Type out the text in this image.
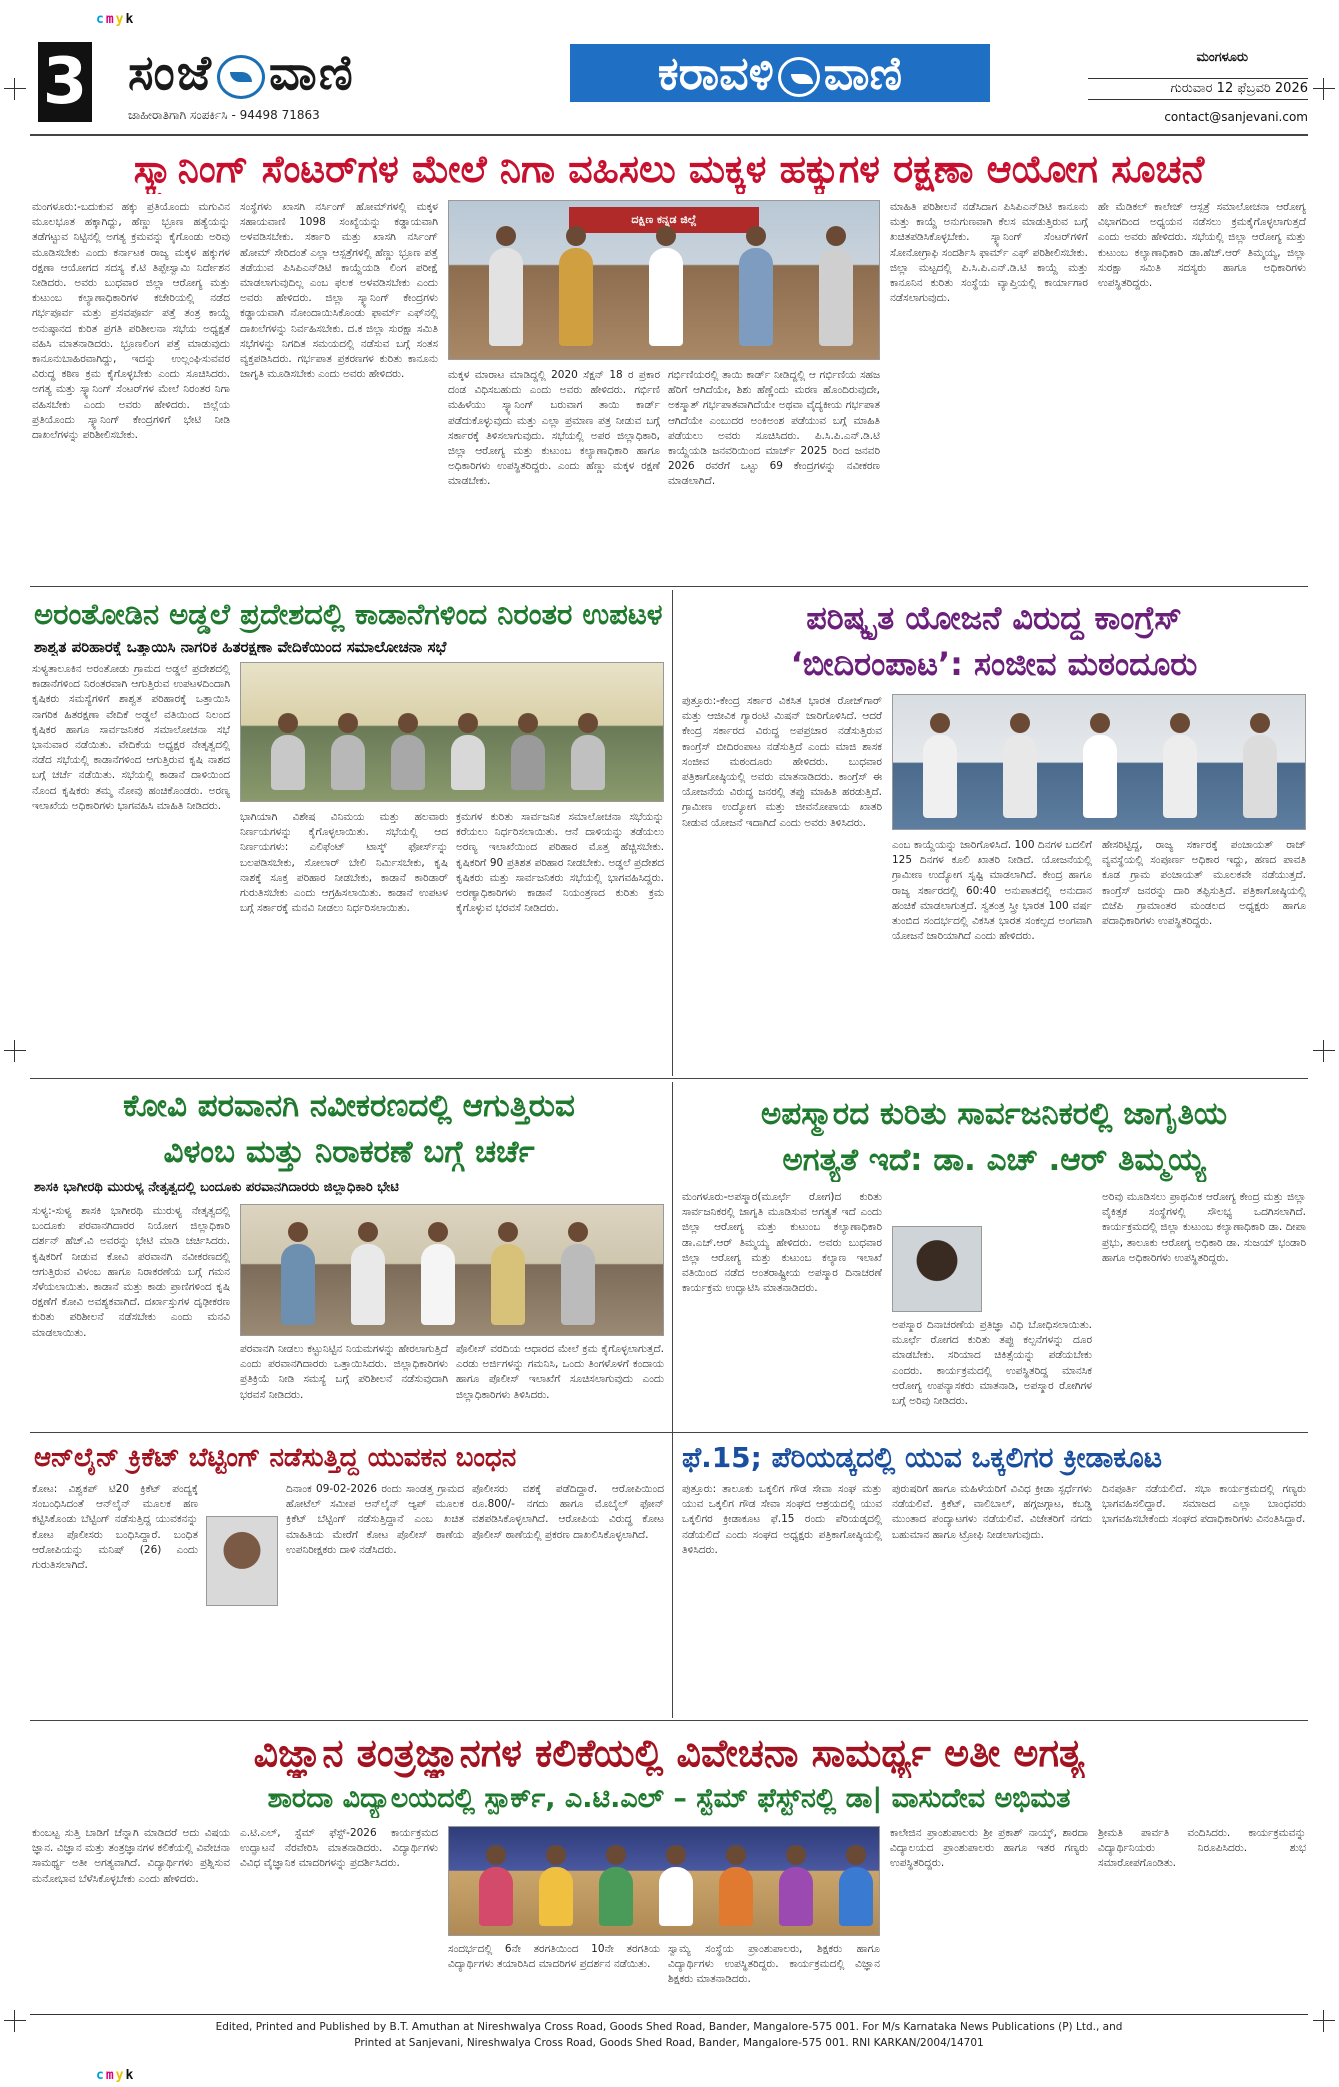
cmyk
cmyk
3 ಸಂಜೆ ವಾಣಿ
ಜಾಹೀರಾತಿಗಾಗಿ ಸಂಪರ್ಕಿಸಿ - 94498 71863
ಕರಾವಳಿ ವಾಣಿ	ಮಂಗಳೂರು
ಗುರುವಾರ 12 ಫೆಬ್ರವರಿ 2026
contact@sanjevani.com
ಸ್ಕ್ಯಾನಿಂಗ್ ಸೆಂಟರ್‌ಗಳ ಮೇಲೆ ನಿಗಾ ವಹಿಸಲು ಮಕ್ಕಳ ಹಕ್ಕುಗಳ ರಕ್ಷಣಾ ಆಯೋಗ ಸೂಚನೆ
ಮಂಗಳೂರು:-ಬದುಕುವ ಹಕ್ಕು ಪ್ರತಿಯೊಂದು ಮಗುವಿನ ಮೂಲಭೂತ ಹಕ್ಕಾಗಿದ್ದು, ಹೆಣ್ಣು ಭ್ರೂಣ ಹತ್ಯೆಯನ್ನು ತಡೆಗಟ್ಟುವ ನಿಟ್ಟಿನಲ್ಲಿ ಅಗತ್ಯ ಕ್ರಮವನ್ನು ಕೈಗೊಂಡು ಅರಿವು ಮೂಡಿಸಬೇಕು ಎಂದು ಕರ್ನಾಟಕ ರಾಜ್ಯ ಮಕ್ಕಳ ಹಕ್ಕುಗಳ ರಕ್ಷಣಾ ಆಯೋಗದ ಸದಸ್ಯ ಕೆ.ಟಿ ತಿಪ್ಪೇಸ್ವಾಮಿ ನಿರ್ದೇಶನ ನೀಡಿದರು. ಅವರು ಬುಧವಾರ ಜಿಲ್ಲಾ ಆರೋಗ್ಯ ಮತ್ತು ಕುಟುಂಬ ಕಲ್ಯಾಣಾಧಿಕಾರಿಗಳ ಕಚೇರಿಯಲ್ಲಿ ನಡೆದ ಗರ್ಭಪೂರ್ವ ಮತ್ತು ಪ್ರಸವಪೂರ್ವ ಪತ್ತೆ ತಂತ್ರ ಕಾಯ್ದೆ ಅನುಷ್ಠಾನದ ಕುರಿತ ಪ್ರಗತಿ ಪರಿಶೀಲನಾ ಸಭೆಯ ಅಧ್ಯಕ್ಷತೆ ವಹಿಸಿ ಮಾತನಾಡಿದರು. ಭ್ರೂಣಲಿಂಗ ಪತ್ತೆ ಮಾಡುವುದು ಕಾನೂನುಬಾಹಿರವಾಗಿದ್ದು, ಇದನ್ನು ಉಲ್ಲಂಘಿಸುವವರ ವಿರುದ್ಧ ಕಠಿಣ ಕ್ರಮ ಕೈಗೊಳ್ಳಬೇಕು ಎಂದು ಸೂಚಿಸಿದರು. ಅಗತ್ಯ ಮತ್ತು ಸ್ಕ್ಯಾನಿಂಗ್ ಸೆಂಟರ್‌ಗಳ ಮೇಲೆ ನಿರಂತರ ನಿಗಾ ವಹಿಸಬೇಕು ಎಂದು ಅವರು ಹೇಳಿದರು. ಜಿಲ್ಲೆಯ ಪ್ರತಿಯೊಂದು ಸ್ಕ್ಯಾನಿಂಗ್ ಕೇಂದ್ರಗಳಿಗೆ ಭೇಟಿ ನೀಡಿ ದಾಖಲೆಗಳನ್ನು ಪರಿಶೀಲಿಸಬೇಕು.
ಸಂಸ್ಥೆಗಳು ಖಾಸಗಿ ನರ್ಸಿಂಗ್ ಹೋಮ್‌ಗಳಲ್ಲಿ ಮಕ್ಕಳ ಸಹಾಯವಾಣಿ 1098 ಸಂಖ್ಯೆಯನ್ನು ಕಡ್ಡಾಯವಾಗಿ ಅಳವಡಿಸಬೇಕು. ಸರ್ಕಾರಿ ಮತ್ತು ಖಾಸಗಿ ನರ್ಸಿಂಗ್ ಹೋಮ್ ಸೇರಿದಂತೆ ಎಲ್ಲಾ ಆಸ್ಪತ್ರೆಗಳಲ್ಲಿ ಹೆಣ್ಣು ಭ್ರೂಣ ಪತ್ತೆ ತಡೆಯುವ ಪಿಸಿಪಿಎನ್‌ಡಿಟಿ ಕಾಯ್ದೆಯಡಿ ಲಿಂಗ ಪರೀಕ್ಷೆ ಮಾಡಲಾಗುವುದಿಲ್ಲ ಎಂಬ ಫಲಕ ಅಳವಡಿಸಬೇಕು ಎಂದು ಅವರು ಹೇಳಿದರು. ಜಿಲ್ಲಾ ಸ್ಕ್ಯಾನಿಂಗ್ ಕೇಂದ್ರಗಳು ಕಡ್ಡಾಯವಾಗಿ ನೋಂದಾಯಿಸಿಕೊಂಡು ಫಾರ್ಮ್ ಎಫ್‌ನಲ್ಲಿ ದಾಖಲೆಗಳನ್ನು ನಿರ್ವಹಿಸಬೇಕು. ದ.ಕ ಜಿಲ್ಲಾ ಸುರಕ್ಷಾ ಸಮಿತಿ ಸಭೆಗಳನ್ನು ನಿಗದಿತ ಸಮಯದಲ್ಲಿ ನಡೆಸುವ ಬಗ್ಗೆ ಸಂತಸ ವ್ಯಕ್ತಪಡಿಸಿದರು. ಗರ್ಭಪಾತ ಪ್ರಕರಣಗಳ ಕುರಿತು ಕಾನೂನು ಜಾಗೃತಿ ಮೂಡಿಸಬೇಕು ಎಂದು ಅವರು ಹೇಳಿದರು.
ದಕ್ಷಿಣ ಕನ್ನಡ ಜಿಲ್ಲೆ
ಮಕ್ಕಳ ಮಾರಾಟ ಮಾಡಿದ್ದಲ್ಲಿ 2020 ಸೆಕ್ಷನ್ 18 ರ ಪ್ರಕಾರ ದಂಡ ವಿಧಿಸಬಹುದು ಎಂದು ಅವರು ಹೇಳಿದರು. ಗರ್ಭಿಣಿ ಮಹಿಳೆಯು ಸ್ಕ್ಯಾನಿಂಗ್ ಬರುವಾಗ ತಾಯಿ ಕಾರ್ಡ್ ಪಡೆದುಕೊಳ್ಳುವುದು ಮತ್ತು ಎಲ್ಲಾ ಪ್ರಮಾಣ ಪತ್ರ ನೀಡುವ ಬಗ್ಗೆ ಸರ್ಕಾರಕ್ಕೆ ತಿಳಿಸಲಾಗುವುದು. ಸಭೆಯಲ್ಲಿ ಅಪರ ಜಿಲ್ಲಾಧಿಕಾರಿ, ಜಿಲ್ಲಾ ಆರೋಗ್ಯ ಮತ್ತು ಕುಟುಂಬ ಕಲ್ಯಾಣಾಧಿಕಾರಿ ಹಾಗೂ ಅಧಿಕಾರಿಗಳು ಉಪಸ್ಥಿತರಿದ್ದರು. ಎಂದು ಹೆಣ್ಣು ಮಕ್ಕಳ ರಕ್ಷಣೆ ಮಾಡಬೇಕು.
ಗರ್ಭಿಣಿಯರಲ್ಲಿ ತಾಯಿ ಕಾರ್ಡ್ ನೀಡಿದ್ದಲ್ಲಿ ಆ ಗರ್ಭಿಣಿಯ ಸಹಜ ಹೆರಿಗೆ ಆಗಿದೆಯೇ, ಶಿಶು ಹೆಣ್ಣೆಂದು ಮರಣ ಹೊಂದಿರುವುದೇ, ಅಕಸ್ಮಾತ್ ಗರ್ಭಪಾತವಾಗಿದೆಯೇ ಅಥವಾ ವೈದ್ಯಕೀಯ ಗರ್ಭಪಾತ ಆಗಿದೆಯೇ ಎಂಬುದರ ಅಂಕಿಅಂಶ ಪಡೆಯುವ ಬಗ್ಗೆ ಮಾಹಿತಿ ಪಡೆಯಲು ಅವರು ಸೂಚಿಸಿದರು. ಪಿ.ಸಿ.ಪಿ.ಎನ್.ಡಿ.ಟಿ ಕಾಯ್ದೆಯಡಿ ಜನವರಿಯಿಂದ ಮಾರ್ಚ್ 2025 ರಿಂದ ಜನವರಿ 2026 ರವರೆಗೆ ಒಟ್ಟು 69 ಕೇಂದ್ರಗಳನ್ನು ನವೀಕರಣ ಮಾಡಲಾಗಿದೆ.
ಮಾಹಿತಿ ಪರಿಶೀಲನೆ ನಡೆಸಿದಾಗ ಪಿಸಿಪಿಎನ್‌ಡಿಟಿ ಕಾನೂನು ಮತ್ತು ಕಾಯ್ದೆ ಅನುಗುಣವಾಗಿ ಕೆಲಸ ಮಾಡುತ್ತಿರುವ ಬಗ್ಗೆ ಖಚಿತಪಡಿಸಿಕೊಳ್ಳಬೇಕು. ಸ್ಕ್ಯಾನಿಂಗ್ ಸೆಂಟರ್‌ಗಳಿಗೆ ಸೋನೋಗ್ರಾಫಿ ಸಂದರ್ಶಿಸಿ ಫಾರ್ಮ್ ಎಫ್ ಪರಿಶೀಲಿಸಬೇಕು. ಜಿಲ್ಲಾ ಮಟ್ಟದಲ್ಲಿ ಪಿ.ಸಿ.ಪಿ.ಎನ್.ಡಿ.ಟಿ ಕಾಯ್ದೆ ಮತ್ತು ಕಾನೂನಿನ ಕುರಿತು ಸಂಸ್ಥೆಯ ವ್ಯಾಪ್ತಿಯಲ್ಲಿ ಕಾರ್ಯಾಗಾರ ನಡೆಸಲಾಗುವುದು.
ಹೇ ಮೆಡಿಕಲ್ ಕಾಲೇಜ್ ಆಸ್ಪತ್ರೆ ಸಮಾಲೋಚನಾ ಆರೋಗ್ಯ ವಿಭಾಗದಿಂದ ಅಧ್ಯಯನ ನಡೆಸಲು ಕ್ರಮಕೈಗೊಳ್ಳಲಾಗುತ್ತದೆ ಎಂದು ಅವರು ಹೇಳಿದರು. ಸಭೆಯಲ್ಲಿ ಜಿಲ್ಲಾ ಆರೋಗ್ಯ ಮತ್ತು ಕುಟುಂಬ ಕಲ್ಯಾಣಾಧಿಕಾರಿ ಡಾ.ಹೆಚ್.ಆರ್ ತಿಮ್ಮಯ್ಯ, ಜಿಲ್ಲಾ ಸುರಕ್ಷಾ ಸಮಿತಿ ಸದಸ್ಯರು ಹಾಗೂ ಅಧಿಕಾರಿಗಳು ಉಪಸ್ಥಿತರಿದ್ದರು.
ಅರಂತೋಡಿನ ಅಡ್ಡಲೆ ಪ್ರದೇಶದಲ್ಲಿ ಕಾಡಾನೆಗಳಿಂದ ನಿರಂತರ ಉಪಟಳ
ಶಾಶ್ವತ ಪರಿಹಾರಕ್ಕೆ ಒತ್ತಾಯಿಸಿ ನಾಗರಿಕ ಹಿತರಕ್ಷಣಾ ವೇದಿಕೆಯಿಂದ ಸಮಾಲೋಚನಾ ಸಭೆ
ಸುಳ್ಯತಾಲೂಕಿನ ಅರಂತೋಡು ಗ್ರಾಮದ ಅಡ್ಡಲೆ ಪ್ರದೇಶದಲ್ಲಿ ಕಾಡಾನೆಗಳಿಂದ ನಿರಂತರವಾಗಿ ಆಗುತ್ತಿರುವ ಉಪಟಳದಿಂದಾಗಿ ಕೃಷಿಕರು ಸಮಸ್ಯೆಗಳಿಗೆ ಶಾಶ್ವತ ಪರಿಹಾರಕ್ಕೆ ಒತ್ತಾಯಿಸಿ ನಾಗರಿಕ ಹಿತರಕ್ಷಣಾ ವೇದಿಕೆ ಅಡ್ಡಲೆ ವತಿಯಿಂದ ನಿಲಂದ ಕೃಷಿಕರ ಹಾಗೂ ಸಾರ್ವಜನಿಕರ ಸಮಾಲೋಚನಾ ಸಭೆ ಭಾನುವಾರ ನಡೆಯಿತು. ವೇದಿಕೆಯ ಅಧ್ಯಕ್ಷರ ನೇತೃತ್ವದಲ್ಲಿ ನಡೆದ ಸಭೆಯಲ್ಲಿ ಕಾಡಾನೆಗಳಿಂದ ಆಗುತ್ತಿರುವ ಕೃಷಿ ನಾಶದ ಬಗ್ಗೆ ಚರ್ಚೆ ನಡೆಯಿತು. ಸಭೆಯಲ್ಲಿ ಕಾಡಾನೆ ದಾಳಿಯಿಂದ ನೊಂದ ಕೃಷಿಕರು ತಮ್ಮ ನೋವು ಹಂಚಿಕೊಂಡರು. ಅರಣ್ಯ ಇಲಾಖೆಯ ಅಧಿಕಾರಿಗಳು ಭಾಗವಹಿಸಿ ಮಾಹಿತಿ ನೀಡಿದರು.
ಭಾಗಿಯಾಗಿ ವಿಶೇಷ ವಿನಿಮಯ ಮತ್ತು ಹಲವಾರು ನಿರ್ಣಯಗಳನ್ನು ಕೈಗೊಳ್ಳಲಾಯಿತು. ಸಭೆಯಲ್ಲಿ ಆದ ನಿರ್ಣಯಗಳು: ಎಲಿಫೆಂಟ್ ಟಾಸ್ಕ್ ಫೋರ್ಸ್‌ನ್ನು ಬಲಪಡಿಸಬೇಕು, ಸೋಲಾರ್ ಬೇಲಿ ನಿರ್ಮಿಸಬೇಕು, ಕೃಷಿ ನಾಶಕ್ಕೆ ಸೂಕ್ತ ಪರಿಹಾರ ನೀಡಬೇಕು, ಕಾಡಾನೆ ಕಾರಿಡಾರ್ ಗುರುತಿಸಬೇಕು ಎಂದು ಆಗ್ರಹಿಸಲಾಯಿತು. ಕಾಡಾನೆ ಉಪಟಳ ಬಗ್ಗೆ ಸರ್ಕಾರಕ್ಕೆ ಮನವಿ ನೀಡಲು ನಿರ್ಧರಿಸಲಾಯಿತು.
ಕ್ರಮಗಳ ಕುರಿತು ಸಾರ್ವಜನಿಕ ಸಮಾಲೋಚನಾ ಸಭೆಯನ್ನು ಕರೆಯಲು ನಿರ್ಧರಿಸಲಾಯಿತು. ಆನೆ ದಾಳಿಯನ್ನು ತಡೆಯಲು ಅರಣ್ಯ ಇಲಾಖೆಯಿಂದ ಪರಿಹಾರ ಮೊತ್ತ ಹೆಚ್ಚಿಸಬೇಕು. ಕೃಷಿಕರಿಗೆ 90 ಪ್ರತಿಶತ ಪರಿಹಾರ ನೀಡಬೇಕು. ಅಡ್ಡಲೆ ಪ್ರದೇಶದ ಕೃಷಿಕರು ಮತ್ತು ಸಾರ್ವಜನಿಕರು ಸಭೆಯಲ್ಲಿ ಭಾಗವಹಿಸಿದ್ದರು. ಅರಣ್ಯಾಧಿಕಾರಿಗಳು ಕಾಡಾನೆ ನಿಯಂತ್ರಣದ ಕುರಿತು ಕ್ರಮ ಕೈಗೊಳ್ಳುವ ಭರವಸೆ ನೀಡಿದರು.
ಪರಿಷ್ಕೃತ ಯೋಜನೆ ವಿರುದ್ಧ ಕಾಂಗ್ರೆಸ್
‘ಬೀದಿರಂಪಾಟ’: ಸಂಜೀವ ಮಠಂದೂರು
ಪುತ್ತೂರು:-ಕೇಂದ್ರ ಸರ್ಕಾರ ವಿಕಸಿತ ಭಾರತ ರೋಜ್‌ಗಾರ್ ಮತ್ತು ಆಜೀವಿಕ ಗ್ಯಾರಂಟಿ ಮಿಷನ್ ಜಾರಿಗೊಳಿಸಿದೆ. ಆದರೆ ಕೇಂದ್ರ ಸರ್ಕಾರದ ವಿರುದ್ಧ ಅಪಪ್ರಚಾರ ನಡೆಸುತ್ತಿರುವ ಕಾಂಗ್ರೆಸ್ ಬೀದಿರಂಪಾಟ ನಡೆಸುತ್ತಿದೆ ಎಂದು ಮಾಜಿ ಶಾಸಕ ಸಂಜೀವ ಮಠಂದೂರು ಹೇಳಿದರು. ಬುಧವಾರ ಪತ್ರಿಕಾಗೋಷ್ಠಿಯಲ್ಲಿ ಅವರು ಮಾತನಾಡಿದರು. ಕಾಂಗ್ರೆಸ್ ಈ ಯೋಜನೆಯ ವಿರುದ್ಧ ಜನರಲ್ಲಿ ತಪ್ಪು ಮಾಹಿತಿ ಹರಡುತ್ತಿದೆ. ಗ್ರಾಮೀಣ ಉದ್ಯೋಗ ಮತ್ತು ಜೀವನೋಪಾಯ ಖಾತರಿ ನೀಡುವ ಯೋಜನೆ ಇದಾಗಿದೆ ಎಂದು ಅವರು ತಿಳಿಸಿದರು.
ಎಂಬ ಕಾಯ್ದೆಯನ್ನು ಜಾರಿಗೊಳಿಸಿದೆ. 100 ದಿನಗಳ ಬದಲಿಗೆ 125 ದಿನಗಳ ಕೂಲಿ ಖಾತರಿ ನೀಡಿದೆ. ಯೋಜನೆಯಲ್ಲಿ ಗ್ರಾಮೀಣ ಉದ್ಯೋಗ ಸೃಷ್ಟಿ ಮಾಡಲಾಗಿದೆ. ಕೇಂದ್ರ ಹಾಗೂ ರಾಜ್ಯ ಸರ್ಕಾರದಲ್ಲಿ 60:40 ಅನುಪಾತದಲ್ಲಿ ಅನುದಾನ ಹಂಚಿಕೆ ಮಾಡಲಾಗುತ್ತದೆ. ಸ್ವತಂತ್ರ ಸ್ತ್ರೀ ಭಾರತ 100 ವರ್ಷ ತುಂಬಿದ ಸಂದರ್ಭದಲ್ಲಿ ವಿಕಸಿತ ಭಾರತ ಸಂಕಲ್ಪದ ಅಂಗವಾಗಿ ಯೋಜನೆ ಜಾರಿಯಾಗಿದೆ ಎಂದು ಹೇಳಿದರು.
ಹೇಸರಿಟ್ಟಿದ್ದ, ರಾಜ್ಯ ಸರ್ಕಾರಕ್ಕೆ ಪಂಚಾಯತ್ ರಾಜ್ ವ್ಯವಸ್ಥೆಯಲ್ಲಿ ಸಂಪೂರ್ಣ ಅಧಿಕಾರ ಇದ್ದು, ಹಣದ ಪಾವತಿ ಕೂಡ ಗ್ರಾಮ ಪಂಚಾಯತ್ ಮೂಲಕವೇ ನಡೆಯುತ್ತದೆ. ಕಾಂಗ್ರೆಸ್ ಜನರನ್ನು ದಾರಿ ತಪ್ಪಿಸುತ್ತಿದೆ. ಪತ್ರಿಕಾಗೋಷ್ಠಿಯಲ್ಲಿ ಬಿಜೆಪಿ ಗ್ರಾಮಾಂತರ ಮಂಡಲದ ಅಧ್ಯಕ್ಷರು ಹಾಗೂ ಪದಾಧಿಕಾರಿಗಳು ಉಪಸ್ಥಿತರಿದ್ದರು.
ಕೋವಿ ಪರವಾನಗಿ ನವೀಕರಣದಲ್ಲಿ ಆಗುತ್ತಿರುವ
ವಿಳಂಬ ಮತ್ತು ನಿರಾಕರಣೆ ಬಗ್ಗೆ ಚರ್ಚೆ
ಶಾಸಕಿ ಭಾಗೀರಥಿ ಮುರುಳ್ಯ ನೇತೃತ್ವದಲ್ಲಿ ಬಂದೂಕು ಪರವಾನಗಿದಾರರು ಜಿಲ್ಲಾಧಿಕಾರಿ ಭೇಟಿ
ಸುಳ್ಯ:-ಸುಳ್ಯ ಶಾಸಕಿ ಭಾಗೀರಥಿ ಮುರುಳ್ಯ ನೇತೃತ್ವದಲ್ಲಿ ಬಂದೂಕು ಪರವಾನಗಿದಾರರ ನಿಯೋಗ ಜಿಲ್ಲಾಧಿಕಾರಿ ದರ್ಶನ್ ಹೆಚ್.ವಿ ಅವರನ್ನು ಭೇಟಿ ಮಾಡಿ ಚರ್ಚಿಸಿದರು. ಕೃಷಿಕರಿಗೆ ನೀಡುವ ಕೋವಿ ಪರವಾನಗಿ ನವೀಕರಣದಲ್ಲಿ ಆಗುತ್ತಿರುವ ವಿಳಂಬ ಹಾಗೂ ನಿರಾಕರಣೆಯ ಬಗ್ಗೆ ಗಮನ ಸೆಳೆಯಲಾಯಿತು. ಕಾಡಾನೆ ಮತ್ತು ಕಾಡು ಪ್ರಾಣಿಗಳಿಂದ ಕೃಷಿ ರಕ್ಷಣೆಗೆ ಕೋವಿ ಅವಶ್ಯಕವಾಗಿದೆ. ದರ್ಖಾಸ್ತುಗಳ ದೃಢೀಕರಣ ಕುರಿತು ಪರಿಶೀಲನೆ ನಡೆಸಬೇಕು ಎಂದು ಮನವಿ ಮಾಡಲಾಯಿತು.
ಪರವಾನಗಿ ನೀಡಲು ಕಟ್ಟುನಿಟ್ಟಿನ ನಿಯಮಗಳನ್ನು ಹೇರಲಾಗುತ್ತಿದೆ ಎಂದು ಪರವಾನಗಿದಾರರು ಒತ್ತಾಯಿಸಿದರು. ಜಿಲ್ಲಾಧಿಕಾರಿಗಳು ಪ್ರತಿಕ್ರಿಯೆ ನೀಡಿ ಸಮಸ್ಯೆ ಬಗ್ಗೆ ಪರಿಶೀಲನೆ ನಡೆಸುವುದಾಗಿ ಭರವಸೆ ನೀಡಿದರು.
ಪೊಲೀಸ್ ವರದಿಯ ಆಧಾರದ ಮೇಲೆ ಕ್ರಮ ಕೈಗೊಳ್ಳಲಾಗುತ್ತದೆ. ಎರಡು ಅರ್ಜಿಗಳನ್ನು ಗಮನಿಸಿ, ಒಂದು ತಿಂಗಳೊಳಗೆ ಕಂದಾಯ ಹಾಗೂ ಪೊಲೀಸ್ ಇಲಾಖೆಗೆ ಸೂಚಿಸಲಾಗುವುದು ಎಂದು ಜಿಲ್ಲಾಧಿಕಾರಿಗಳು ತಿಳಿಸಿದರು.
ಅಪಸ್ಮಾರದ ಕುರಿತು ಸಾರ್ವಜನಿಕರಲ್ಲಿ ಜಾಗೃತಿಯ
ಅಗತ್ಯತೆ ಇದೆ: ಡಾ. ಎಚ್ .ಆರ್ ತಿಮ್ಮಯ್ಯ
ಮಂಗಳೂರು-ಅಪಸ್ಮಾರ(ಮೂರ್ಛೆ ರೋಗ)ದ ಕುರಿತು ಸಾರ್ವಜನಿಕರಲ್ಲಿ ಜಾಗೃತಿ ಮೂಡಿಸುವ ಅಗತ್ಯತೆ ಇದೆ ಎಂದು ಜಿಲ್ಲಾ ಆರೋಗ್ಯ ಮತ್ತು ಕುಟುಂಬ ಕಲ್ಯಾಣಾಧಿಕಾರಿ ಡಾ.ಎಚ್.ಆರ್ ತಿಮ್ಮಯ್ಯ ಹೇಳಿದರು. ಅವರು ಬುಧವಾರ ಜಿಲ್ಲಾ ಆರೋಗ್ಯ ಮತ್ತು ಕುಟುಂಬ ಕಲ್ಯಾಣ ಇಲಾಖೆ ವತಿಯಿಂದ ನಡೆದ ಅಂತರಾಷ್ಟ್ರೀಯ ಅಪಸ್ಮಾರ ದಿನಾಚರಣೆ ಕಾರ್ಯಕ್ರಮ ಉದ್ಘಾಟಿಸಿ ಮಾತನಾಡಿದರು.
ಅಪಸ್ಮಾರ ದಿನಾಚರಣೆಯ ಪ್ರತಿಜ್ಞಾ ವಿಧಿ ಬೋಧಿಸಲಾಯಿತು. ಮೂರ್ಛೆ ರೋಗದ ಕುರಿತು ತಪ್ಪು ಕಲ್ಪನೆಗಳನ್ನು ದೂರ ಮಾಡಬೇಕು. ಸರಿಯಾದ ಚಿಕಿತ್ಸೆಯನ್ನು ಪಡೆಯಬೇಕು ಎಂದರು. ಕಾರ್ಯಕ್ರಮದಲ್ಲಿ ಉಪಸ್ಥಿತರಿದ್ದ ಮಾನಸಿಕ ಆರೋಗ್ಯ ಉಪನ್ಯಾಸಕರು ಮಾತನಾಡಿ, ಅಪಸ್ಮಾರ ರೋಗಿಗಳ ಬಗ್ಗೆ ಅರಿವು ನೀಡಿದರು.
ಅರಿವು ಮೂಡಿಸಲು ಪ್ರಾಥಮಿಕ ಆರೋಗ್ಯ ಕೇಂದ್ರ ಮತ್ತು ಜಿಲ್ಲಾ ವೈಕಿತ್ಸಕ ಸಂಸ್ಥೆಗಳಲ್ಲಿ ಸೌಲಭ್ಯ ಒದಗಿಸಲಾಗಿದೆ. ಕಾರ್ಯಕ್ರಮದಲ್ಲಿ ಜಿಲ್ಲಾ ಕುಟುಂಬ ಕಲ್ಯಾಣಾಧಿಕಾರಿ ಡಾ. ದೀಪಾ ಪ್ರಭು, ತಾಲೂಕು ಆರೋಗ್ಯ ಅಧಿಕಾರಿ ಡಾ. ಸುಜಯ್ ಭಂಡಾರಿ ಹಾಗೂ ಅಧಿಕಾರಿಗಳು ಉಪಸ್ಥಿತರಿದ್ದರು.
ಆನ್‌ಲೈನ್ ಕ್ರಿಕೆಟ್ ಬೆಟ್ಟಿಂಗ್ ನಡೆಸುತ್ತಿದ್ದ ಯುವಕನ ಬಂಧನ
ಕೋಟ: ವಿಶ್ವಕಪ್ ಟಿ20 ಕ್ರಿಕೆಟ್ ಪಂದ್ಯಕ್ಕೆ ಸಂಬಂಧಿಸಿದಂತೆ ಆನ್‌ಲೈನ್ ಮೂಲಕ ಹಣ ಕಟ್ಟಿಸಿಕೊಂಡು ಬೆಟ್ಟಿಂಗ್ ನಡೆಸುತ್ತಿದ್ದ ಯುವಕನನ್ನು ಕೋಟ ಪೊಲೀಸರು ಬಂಧಿಸಿದ್ದಾರೆ. ಬಂಧಿತ ಆರೋಪಿಯನ್ನು ಮನಿಷ್ (26) ಎಂದು ಗುರುತಿಸಲಾಗಿದೆ.
ದಿನಾಂಕ 09-02-2026 ರಂದು ಸಾಂಡತ್ತ ಗ್ರಾಮದ ಹೋಟೆಲ್ ಸಮೀಪ ಆನ್‌ಲೈನ್ ಆ್ಯಪ್ ಮೂಲಕ ಕ್ರಿಕೆಟ್ ಬೆಟ್ಟಿಂಗ್ ನಡೆಸುತ್ತಿದ್ದಾನೆ ಎಂಬ ಖಚಿತ ಮಾಹಿತಿಯ ಮೇರೆಗೆ ಕೋಟ ಪೊಲೀಸ್ ಠಾಣೆಯ ಉಪನಿರೀಕ್ಷಕರು ದಾಳಿ ನಡೆಸಿದರು.
ಪೊಲೀಸರು ವಶಕ್ಕೆ ಪಡೆದಿದ್ದಾರೆ. ಆರೋಪಿಯಿಂದ ರೂ.800/- ನಗದು ಹಾಗೂ ಮೊಬೈಲ್ ಫೋನ್ ವಶಪಡಿಸಿಕೊಳ್ಳಲಾಗಿದೆ. ಆರೋಪಿಯ ವಿರುದ್ಧ ಕೋಟ ಪೊಲೀಸ್ ಠಾಣೆಯಲ್ಲಿ ಪ್ರಕರಣ ದಾಖಲಿಸಿಕೊಳ್ಳಲಾಗಿದೆ.
ಫೆ.15; ಪೆರಿಯಡ್ಕದಲ್ಲಿ ಯುವ ಒಕ್ಕಲಿಗರ ಕ್ರೀಡಾಕೂಟ
ಪುತ್ತೂರು: ತಾಲೂಕು ಒಕ್ಕಲಿಗ ಗೌಡ ಸೇವಾ ಸಂಘ ಮತ್ತು ಯುವ ಒಕ್ಕಲಿಗ ಗೌಡ ಸೇವಾ ಸಂಘದ ಆಶ್ರಯದಲ್ಲಿ ಯುವ ಒಕ್ಕಲಿಗರ ಕ್ರೀಡಾಕೂಟ ಫೆ.15 ರಂದು ಪೆರಿಯಡ್ಕದಲ್ಲಿ ನಡೆಯಲಿದೆ ಎಂದು ಸಂಘದ ಅಧ್ಯಕ್ಷರು ಪತ್ರಿಕಾಗೋಷ್ಠಿಯಲ್ಲಿ ತಿಳಿಸಿದರು.
ಪುರುಷರಿಗೆ ಹಾಗೂ ಮಹಿಳೆಯರಿಗೆ ವಿವಿಧ ಕ್ರೀಡಾ ಸ್ಪರ್ಧೆಗಳು ನಡೆಯಲಿವೆ. ಕ್ರಿಕೆಟ್, ವಾಲಿಬಾಲ್, ಹಗ್ಗಜಗ್ಗಾಟ, ಕಬಡ್ಡಿ ಮುಂತಾದ ಪಂದ್ಯಾಟಗಳು ನಡೆಯಲಿವೆ. ವಿಜೇತರಿಗೆ ನಗದು ಬಹುಮಾನ ಹಾಗೂ ಟ್ರೋಫಿ ನೀಡಲಾಗುವುದು.
ದಿನಪೂರ್ತಿ ನಡೆಯಲಿದೆ. ಸಭಾ ಕಾರ್ಯಕ್ರಮದಲ್ಲಿ ಗಣ್ಯರು ಭಾಗವಹಿಸಲಿದ್ದಾರೆ. ಸಮಾಜದ ಎಲ್ಲಾ ಬಾಂಧವರು ಭಾಗವಹಿಸಬೇಕೆಂದು ಸಂಘದ ಪದಾಧಿಕಾರಿಗಳು ವಿನಂತಿಸಿದ್ದಾರೆ.
ವಿಜ್ಞಾನ ತಂತ್ರಜ್ಞಾನಗಳ ಕಲಿಕೆಯಲ್ಲಿ ವಿವೇಚನಾ ಸಾಮರ್ಥ್ಯ ಅತೀ ಅಗತ್ಯ
ಶಾರದಾ ವಿದ್ಯಾಲಯದಲ್ಲಿ ಸ್ಪಾರ್ಕ್, ಎ.ಟಿ.ಎಲ್ – ಸ್ಟೆಮ್ ಫೆಸ್ಟ್‌ನಲ್ಲಿ ಡಾ| ವಾಸುದೇವ ಅಭಿಮತ
ಕುಂಬಟ್ಟ ಸುತ್ತಿ ಬಾಡಿಗೆ ಚೆನ್ನಾಗಿ ಮಾಡಿದರೆ ಅದು ವಿಷಯ ಜ್ಞಾನ. ವಿಜ್ಞಾನ ಮತ್ತು ತಂತ್ರಜ್ಞಾನಗಳ ಕಲಿಕೆಯಲ್ಲಿ ವಿವೇಚನಾ ಸಾಮರ್ಥ್ಯ ಅತೀ ಅಗತ್ಯವಾಗಿದೆ. ವಿದ್ಯಾರ್ಥಿಗಳು ಪ್ರಶ್ನಿಸುವ ಮನೋಭಾವ ಬೆಳೆಸಿಕೊಳ್ಳಬೇಕು ಎಂದು ಹೇಳಿದರು.
ಎ.ಟಿ.ಎಲ್, ಸ್ಟೆಮ್ ಫೆಸ್ಟ್-2026 ಕಾರ್ಯಕ್ರಮದ ಉದ್ಘಾಟನೆ ನೆರವೇರಿಸಿ ಮಾತನಾಡಿದರು. ವಿದ್ಯಾರ್ಥಿಗಳು ವಿವಿಧ ವೈಜ್ಞಾನಿಕ ಮಾದರಿಗಳನ್ನು ಪ್ರದರ್ಶಿಸಿದರು.
ಸಂದರ್ಭದಲ್ಲಿ 6ನೇ ತರಗತಿಯಿಂದ 10ನೇ ತರಗತಿಯ ವಿದ್ಯಾರ್ಥಿಗಳು ತಯಾರಿಸಿದ ಮಾದರಿಗಳ ಪ್ರದರ್ಶನ ನಡೆಯಿತು.
ಸ್ವಾಮ್ಯ ಸಂಸ್ಥೆಯ ಪ್ರಾಂಶುಪಾಲರು, ಶಿಕ್ಷಕರು ಹಾಗೂ ವಿದ್ಯಾರ್ಥಿಗಳು ಉಪಸ್ಥಿತರಿದ್ದರು. ಕಾರ್ಯಕ್ರಮದಲ್ಲಿ ವಿಜ್ಞಾನ ಶಿಕ್ಷಕರು ಮಾತನಾಡಿದರು.
ಕಾಲೇಜಿನ ಪ್ರಾಂಶುಪಾಲರು ಶ್ರೀ ಪ್ರಕಾಶ್ ನಾಯ್ಕ್, ಶಾರದಾ ವಿದ್ಯಾಲಯದ ಪ್ರಾಂಶುಪಾಲರು ಹಾಗೂ ಇತರ ಗಣ್ಯರು ಉಪಸ್ಥಿತರಿದ್ದರು.
ಶ್ರೀಮತಿ ಪಾರ್ವತಿ ವಂದಿಸಿದರು. ಕಾರ್ಯಕ್ರಮವನ್ನು ವಿದ್ಯಾರ್ಥಿನಿಯರು ನಿರೂಪಿಸಿದರು. ಶುಭ ಸಮಾರೋಪಗೊಂಡಿತು.
Edited, Printed and Published by B.T. Amuthan at Nireshwalya Cross Road, Goods Shed Road, Bander, Mangalore-575 001. For M/s Karnataka News Publications (P) Ltd., and
Printed at Sanjevani, Nireshwalya Cross Road, Goods Shed Road, Bander, Mangalore-575 001. RNI KARKAN/2004/14701
